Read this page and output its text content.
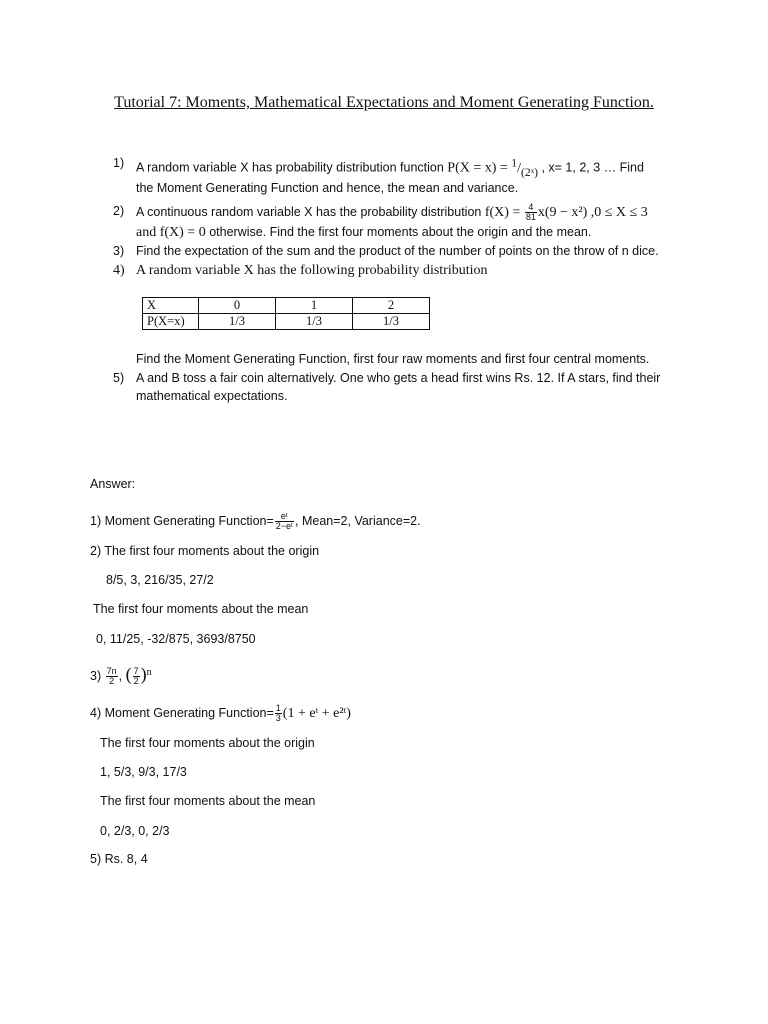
Tutorial 7: Moments, Mathematical Expectations and Moment Generating Function.
1) A random variable X has probability distribution function $P(X = x) = ^1/_{(2ˣ)}$ , x= 1, 2, 3 … Find
the Moment Generating Function and hence, the mean and variance.
2) A continuous random variable X has the probability distribution $f(X) = \frac{4}{81} x(9 - x^2) ,0 \le X \le 3$
and f(X) = 0 otherwise. Find the first four moments about the origin and the mean.
3) Find the expectation of the sum and the product of the number of points on the throw of n dice.
4) A random variable X has the following probability distribution
X	0	1	2
P(X=x)	1/3	1/3	1/3
Find the Moment Generating Function, first four raw moments and first four central moments.
5) A and B toss a fair coin alternatively. One who gets a head first wins Rs. 12. If A stars, find their
mathematical expectations.
Answer:
1) Moment Generating Function= $\frac{\text{eᵗ}}{\text{2−eᵗ}}$ , Mean=2, Variance=2.
2) The first four moments about the origin
8/5, 3, 216/35, 27/2
The first four moments about the mean
0, 11/25, -32/875, 3693/8750
$3) \frac{7n}{2}$ , ( $\frac{7}{2} )^n$
4) Moment Generating Function= $\frac{1}{3} (1$ + eᵗ + e²ᵗ)
The first four moments about the origin
1, 5/3, 9/3, 17/3
The first four moments about the mean
0, 2/3, 0, 2/3
5) Rs. 8, 4
